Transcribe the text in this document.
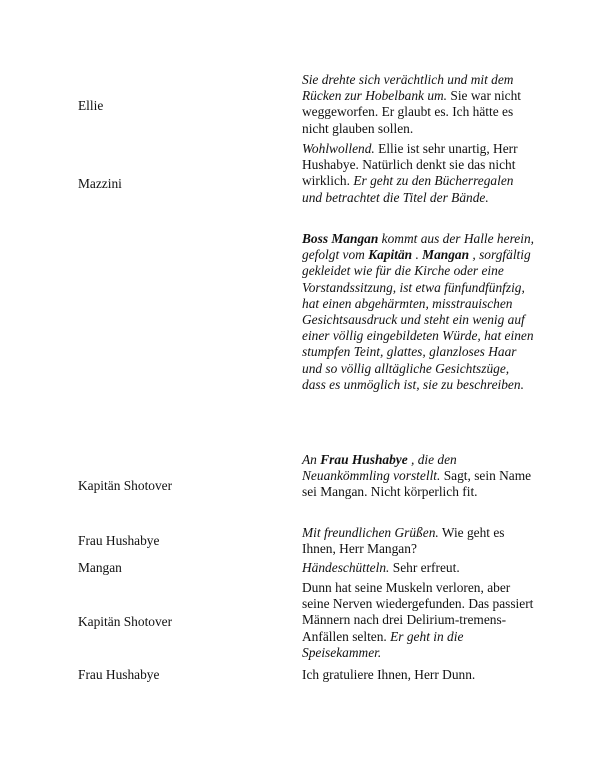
Ellie
Sie drehte sich verächtlich und mit dem Rücken zur Hobelbank um. Sie war nicht weggeworfen. Er glaubt es. Ich hätte es nicht glauben sollen.
Mazzini
Wohlwollend. Ellie ist sehr unartig, Herr Hushabye. Natürlich denkt sie das nicht wirklich. Er geht zu den Bücherregalen und betrachtet die Titel der Bände.
Boss Mangan kommt aus der Halle herein, gefolgt vom Kapitän . Mangan , sorgfältig gekleidet wie für die Kirche oder eine Vorstandssitzung, ist etwa fünfundfünfzig, hat einen abgehärmten, misstrauischen Gesichtsausdruck und steht ein wenig auf einer völlig eingebildeten Würde, hat einen stumpfen Teint, glattes, glanzloses Haar und so völlig alltägliche Gesichtszüge, dass es unmöglich ist, sie zu beschreiben.
Kapitän Shotover
An Frau Hushabye , die den Neuankömmling vorstellt. Sagt, sein Name sei Mangan. Nicht körperlich fit.
Frau Hushabye
Mit freundlichen Grüßen. Wie geht es Ihnen, Herr Mangan?
Mangan	Händeschütteln. Sehr erfreut.
Kapitän Shotover
Dunn hat seine Muskeln verloren, aber seine Nerven wiedergefunden. Das passiert Männern nach drei Delirium-tremens-Anfällen selten. Er geht in die Speisekammer.
Frau Hushabye	Ich gratuliere Ihnen, Herr Dunn.
